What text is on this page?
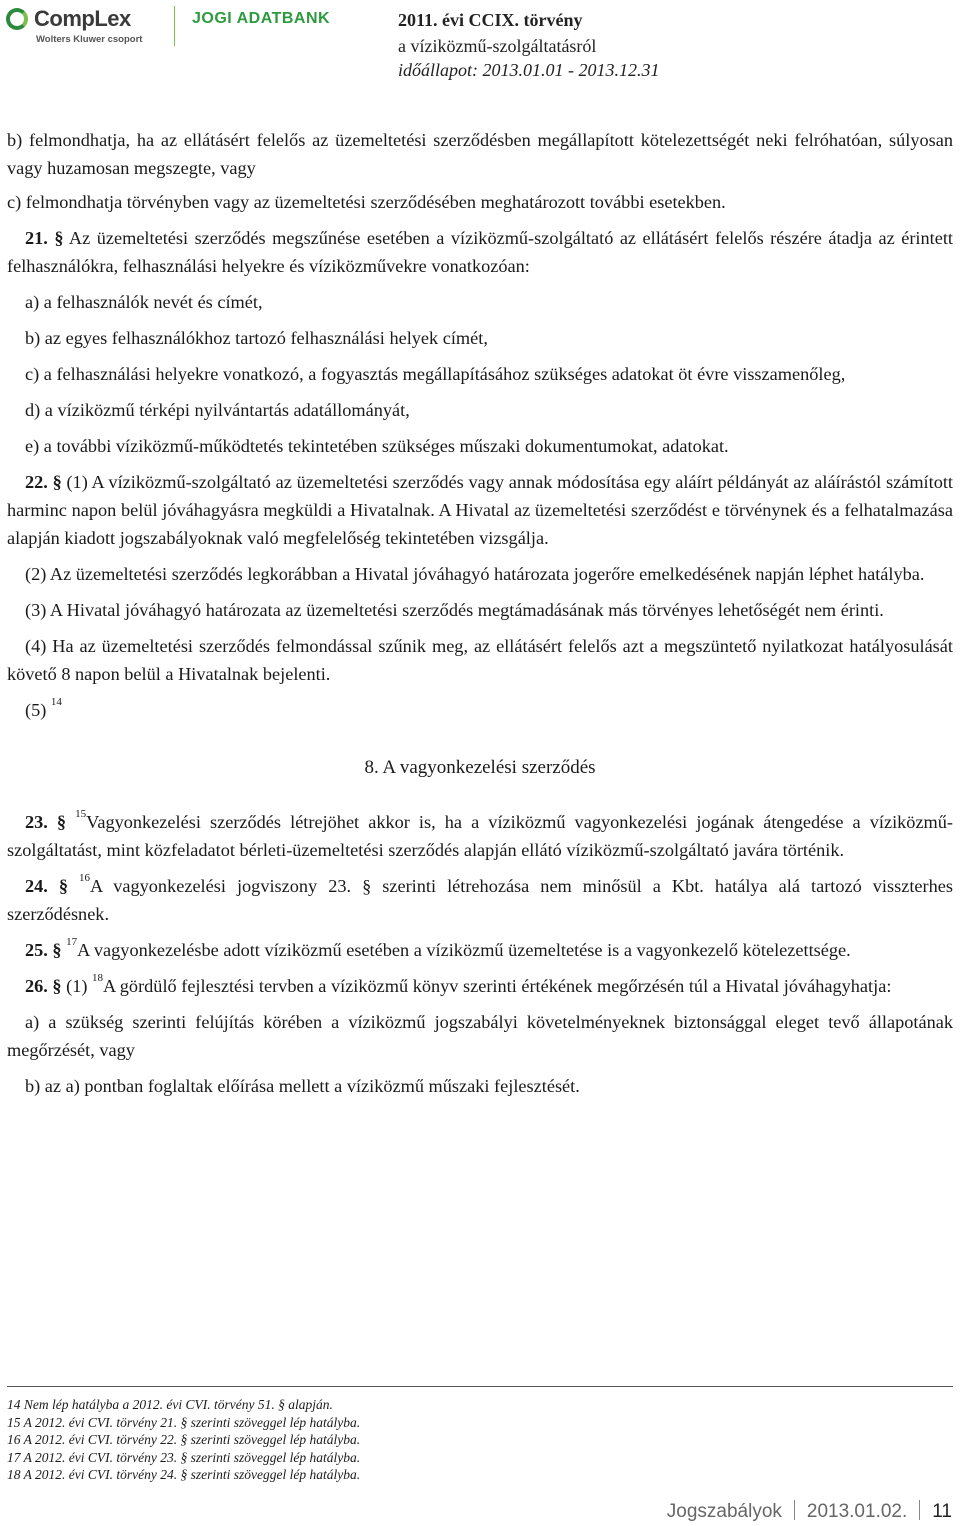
CompLex
Wolters Kluwer csoport
JOGI ADATBANK	2011. évi CCIX. törvény
a víziközmű-szolgáltatásról
időállapot: 2013.01.01 - 2013.12.31

b) felmondhatja, ha az ellátásért felelős az üzemeltetési szerződésben megállapított kötelezettségét neki felróhatóan, súlyosan vagy huzamosan megszegte, vagy

c) felmondhatja törvényben vagy az üzemeltetési szerződésében meghatározott további esetekben.

21. § Az üzemeltetési szerződés megszűnése esetében a víziközmű-szolgáltató az ellátásért felelős részére átadja az érintett felhasználókra, felhasználási helyekre és víziközművekre vonatkozóan:

a) a felhasználók nevét és címét,

b) az egyes felhasználókhoz tartozó felhasználási helyek címét,

c) a felhasználási helyekre vonatkozó, a fogyasztás megállapításához szükséges adatokat öt évre visszamenőleg,

d) a víziközmű térképi nyilvántartás adatállományát,

e) a további víziközmű-működtetés tekintetében szükséges műszaki dokumentumokat, adatokat.

22. § (1) A víziközmű-szolgáltató az üzemeltetési szerződés vagy annak módosítása egy aláírt példányát az aláírástól számított harminc napon belül jóváhagyásra megküldi a Hivatalnak. A Hivatal az üzemeltetési szerződést e törvénynek és a felhatalmazása alapján kiadott jogszabályoknak való megfelelőség tekintetében vizsgálja.

(2) Az üzemeltetési szerződés legkorábban a Hivatal jóváhagyó határozata jogerőre emelkedésének napján léphet hatályba.

(3) A Hivatal jóváhagyó határozata az üzemeltetési szerződés megtámadásának más törvényes lehetőségét nem érinti.

(4) Ha az üzemeltetési szerződés felmondással szűnik meg, az ellátásért felelős azt a megszüntető nyilatkozat hatályosulását követő 8 napon belül a Hivatalnak bejelenti.

(5) $^{14}$

8. A vagyonkezelési szerződés

23. § $^{15}$Vagyonkezelési szerződés létrejöhet akkor is, ha a víziközmű vagyonkezelési jogának átengedése a víziközmű-szolgáltatást, mint közfeladatot bérleti-üzemeltetési szerződés alapján ellátó víziközmű-szolgáltató javára történik.

24. § $^{16}$A vagyonkezelési jogviszony 23. § szerinti létrehozása nem minősül a Kbt. hatálya alá tartozó visszterhes szerződésnek.

25. § $^{17}$A vagyonkezelésbe adott víziközmű esetében a víziközmű üzemeltetése is a vagyonkezelő kötelezettsége.

26. § (1) $^{18}$A gördülő fejlesztési tervben a víziközmű könyv szerinti értékének megőrzésén túl a Hivatal jóváhagyhatja:

a) a szükség szerinti felújítás körében a víziközmű jogszabályi követelményeknek biztonsággal eleget tevő állapotának megőrzését, vagy

b) az a) pontban foglaltak előírása mellett a víziközmű műszaki fejlesztését.

14 Nem lép hatályba a 2012. évi CVI. törvény 51. § alapján.
15 A 2012. évi CVI. törvény 21. § szerinti szöveggel lép hatályba.
16 A 2012. évi CVI. törvény 22. § szerinti szöveggel lép hatályba.
17 A 2012. évi CVI. törvény 23. § szerinti szöveggel lép hatályba.
18 A 2012. évi CVI. törvény 24. § szerinti szöveggel lép hatályba.
Jogszabályok 2013.01.02. 11
